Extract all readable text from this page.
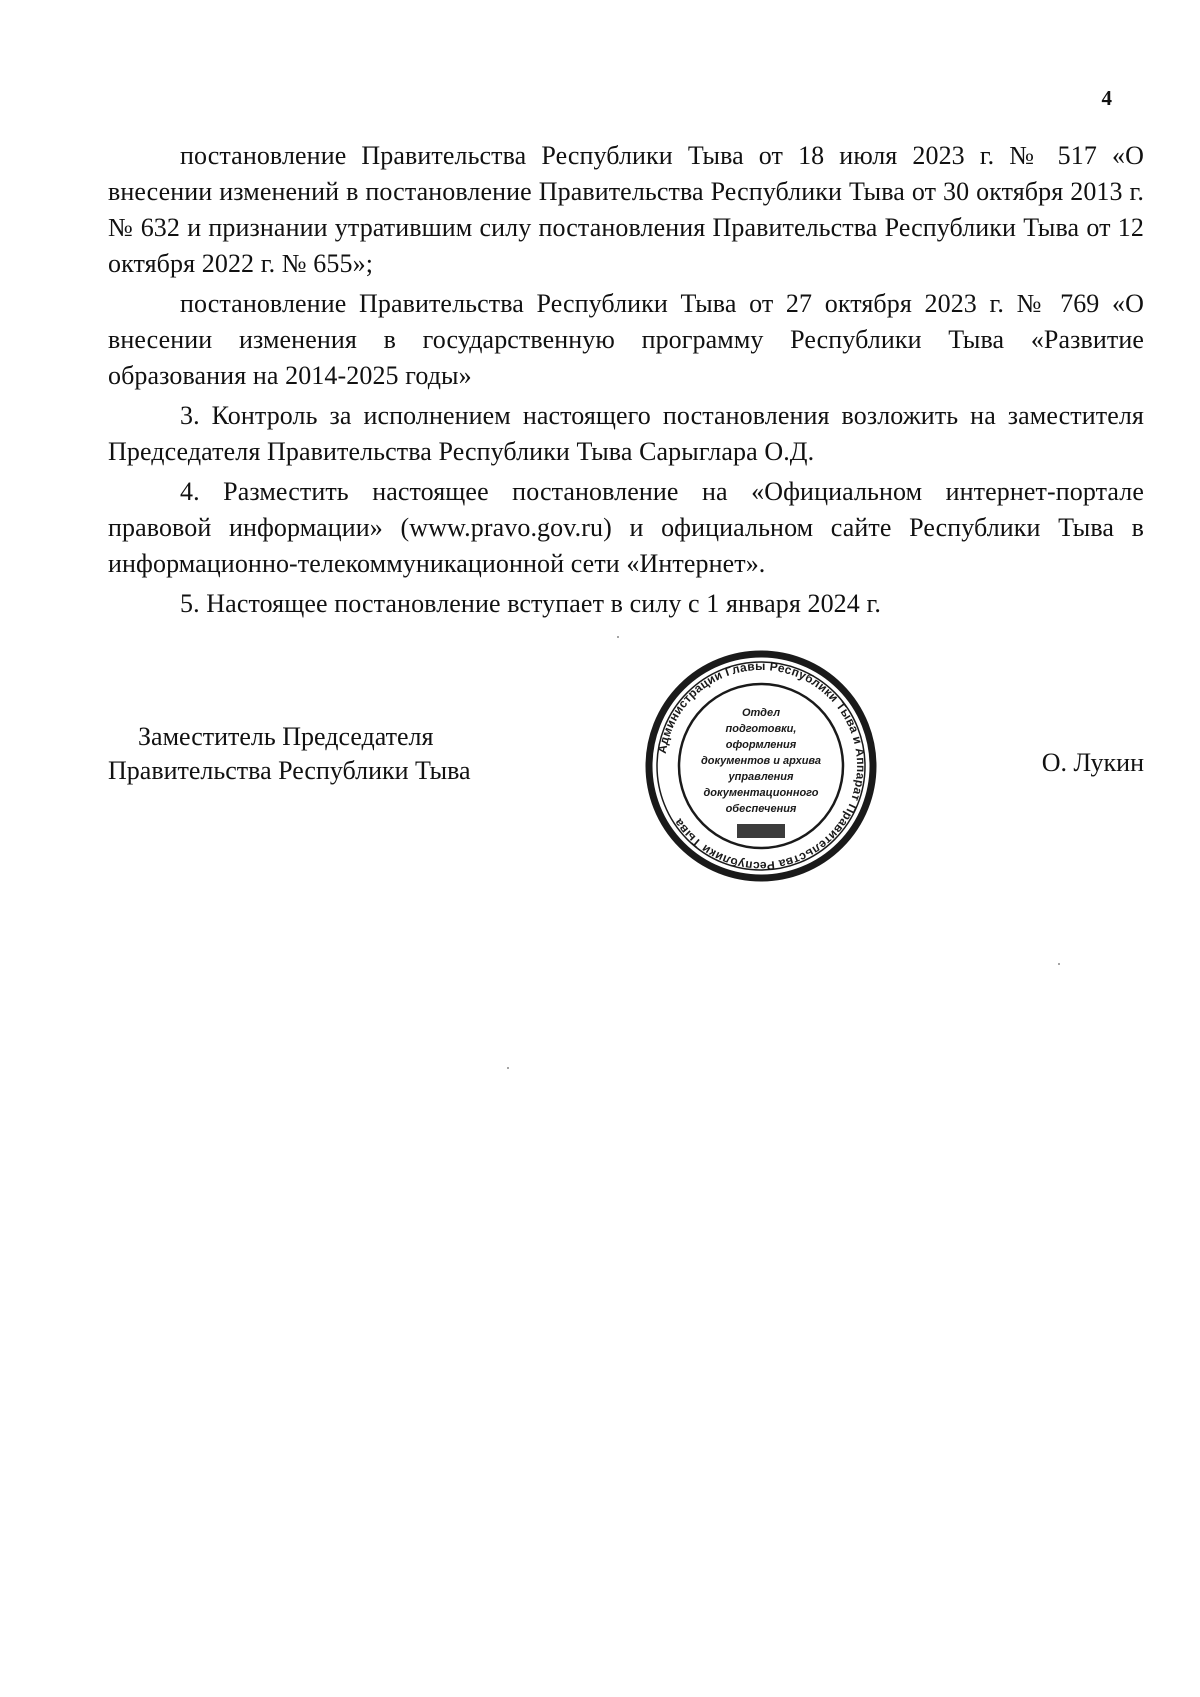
4

постановление Правительства Республики Тыва от 18 июля 2023 г. № 517 «О внесении изменений в постановление Правительства Республики Тыва от 30 октября 2013 г. № 632 и признании утратившим силу постановления Правительства Республики Тыва от 12 октября 2022 г. № 655»;

постановление Правительства Республики Тыва от 27 октября 2023 г. № 769 «О внесении изменения в государственную программу Республики Тыва «Развитие образования на 2014-2025 годы»

3. Контроль за исполнением настоящего постановления возложить на заместителя Председателя Правительства Республики Тыва Сарыглара О.Д.

4. Разместить настоящее постановление на «Официальном интернет-портале правовой информации» (www.pravo.gov.ru) и официальном сайте Республики Тыва в информационно-телекоммуникационной сети «Интернет».

5. Настоящее постановление вступает в силу с 1 января 2024 г.

Заместитель Председателя
Правительства Республики Тыва	О. Лукин
Администрации Главы Республики Тыва и Аппарат Правительства Республики Тыва
Отдел
подготовки,
оформления
документов и архива
управления
документационного
обеспечения
